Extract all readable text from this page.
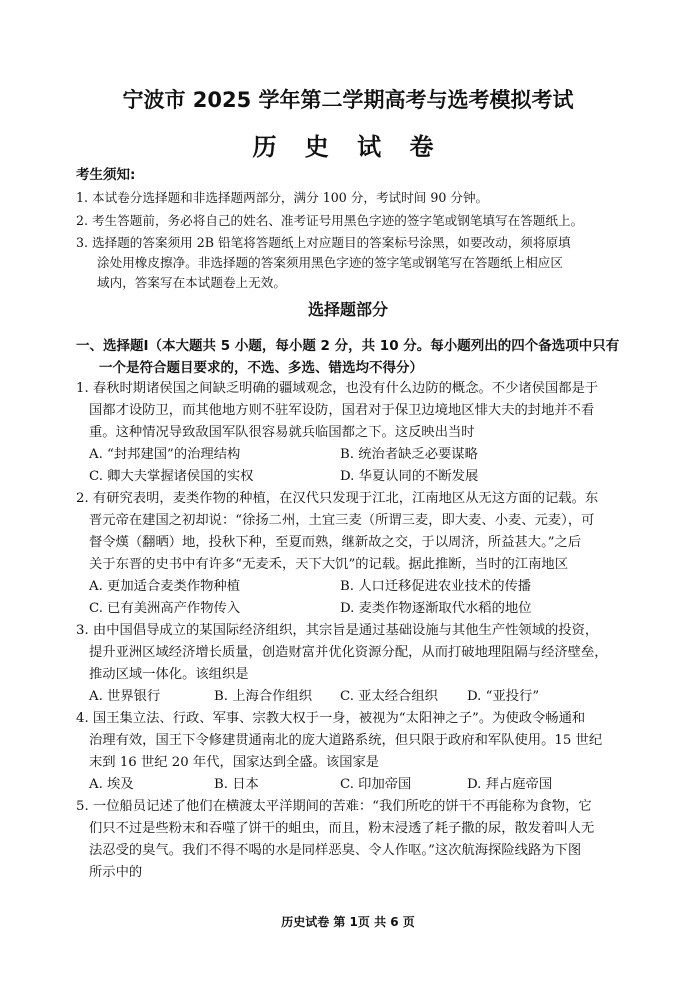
宁波市 2025 学年第二学期高考与选考模拟考试
历 史 试 卷
考生须知:
1. 本试卷分选择题和非选择题两部分，满分 100 分，考试时间 90 分钟。
2. 考生答题前，务必将自己的姓名、准考证号用黑色字迹的签字笔或钢笔填写在答题纸上。
3. 选择题的答案须用 2B 铅笔将答题纸上对应题目的答案标号涂黑，如要改动，须将原填
涂处用橡皮擦净。非选择题的答案须用黑色字迹的签字笔或钢笔写在答题纸上相应区
域内，答案写在本试题卷上无效。
选择题部分
一、选择题Ⅰ（本大题共 5 小题，每小题 2 分，共 10 分。每小题列出的四个备选项中只有
一个是符合题目要求的，不选、多选、错选均不得分）
1. 春秋时期诸侯国之间缺乏明确的疆域观念，也没有什么边防的概念。不少诸侯国都是于
国都才设防卫，而其他地方则不驻军设防，国君对于保卫边境地区悱大夫的封地并不看
重。这种情况导致敌国军队很容易就兵临国都之下。这反映出当时
A. “封邦建国”的治理结构	B. 统治者缺乏必要谋略
C. 卿大夫掌握诸侯国的实权	D. 华夏认同的不断发展
2. 有研究表明，麦类作物的种植，在汉代只发现于江北，江南地区从无这方面的记载。东
晋元帝在建国之初却说：“徐扬二州，土宜三麦（所谓三麦，即大麦、小麦、元麦），可
督令熯（翻晒）地，投秋下种，至夏而熟，继新故之交，于以周济，所益甚大。”之后
关于东晋的史书中有许多“无麦禾，天下大饥”的记载。据此推断，当时的江南地区
A. 更加适合麦类作物种植	B. 人口迁移促进农业技术的传播
C. 已有美洲高产作物传入	D. 麦类作物逐渐取代水稻的地位
3. 由中国倡导成立的某国际经济组织，其宗旨是通过基础设施与其他生产性领域的投资，
提升亚洲区域经济增长质量，创造财富并优化资源分配，从而打破地理阻隔与经济壁垒，
推动区域一体化。该组织是
A. 世界银行	B. 上海合作组织 C. 亚太经合组织 D. “亚投行”
4. 国王集立法、行政、军事、宗教大权于一身，被视为“太阳神之子”。为使政令畅通和
治理有效，国王下令修建贯通南北的庞大道路系统，但只限于政府和军队使用。15 世纪
末到 16 世纪 20 年代，国家达到全盛。该国家是
A. 埃及	B. 日本	C. 印加帝国	D. 拜占庭帝国
5. 一位船员记述了他们在横渡太平洋期间的苦难：“我们所吃的饼干不再能称为食物，它
们只不过是些粉末和吞噬了饼干的蛆虫，而且，粉末浸透了耗子撒的尿，散发着叫人无
法忍受的臭气。我们不得不喝的水是同样恶臭、令人作呕。”这次航海探险线路为下图
所示中的
历史试卷 第 1页 共 6 页
